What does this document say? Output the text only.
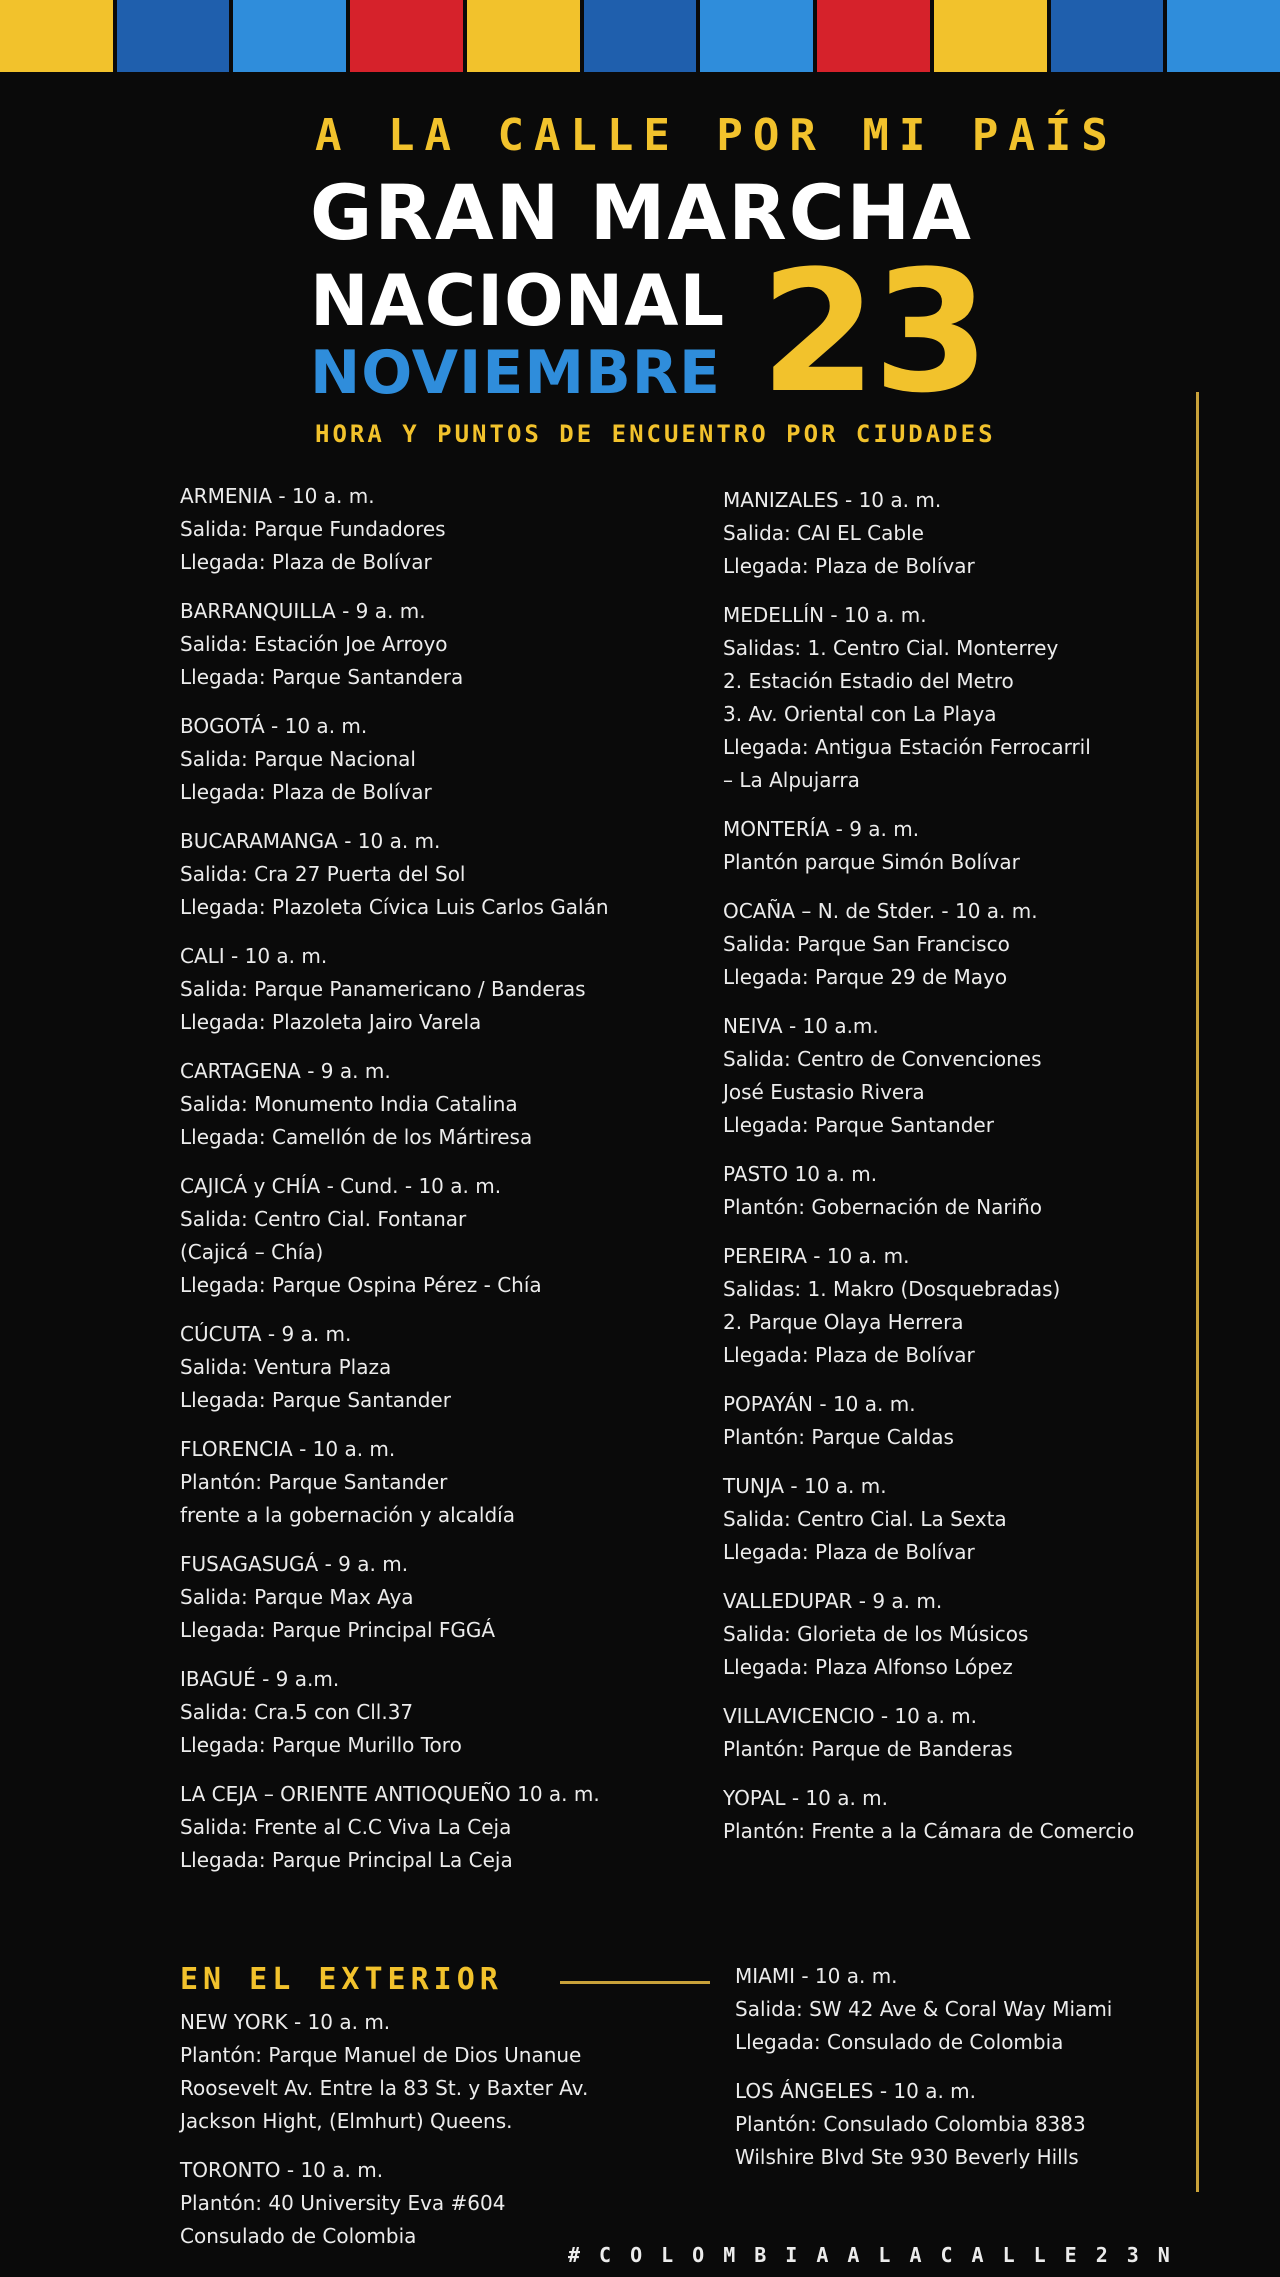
A LA CALLE POR MI PAÍS
GRAN MARCHA
NACIONAL
NOVIEMBRE 23
HORA Y PUNTOS DE ENCUENTRO POR CIUDADES
ARMENIA - 10 a. m.
Salida: Parque Fundadores
Llegada: Plaza de Bolívar
BARRANQUILLA - 9 a. m.
Salida: Estación Joe Arroyo
Llegada: Parque Santandera
BOGOTÁ - 10 a. m.
Salida: Parque Nacional
Llegada: Plaza de Bolívar
BUCARAMANGA - 10 a. m.
Salida: Cra 27 Puerta del Sol
Llegada: Plazoleta Cívica Luis Carlos Galán
CALI - 10 a. m.
Salida: Parque Panamericano / Banderas
Llegada: Plazoleta Jairo Varela
CARTAGENA - 9 a. m.
Salida: Monumento India Catalina
Llegada: Camellón de los Mártiresa
CAJICÁ y CHÍA - Cund. - 10 a. m.
Salida: Centro Cial. Fontanar
(Cajicá – Chía)
Llegada: Parque Ospina Pérez - Chía
CÚCUTA - 9 a. m.
Salida: Ventura Plaza
Llegada: Parque Santander
FLORENCIA - 10 a. m.
Plantón: Parque Santander
frente a la gobernación y alcaldía
FUSAGASUGÁ - 9 a. m.
Salida: Parque Max Aya
Llegada: Parque Principal FGGÁ
IBAGUÉ - 9 a.m.
Salida: Cra.5 con Cll.37
Llegada: Parque Murillo Toro
LA CEJA – ORIENTE ANTIOQUEÑO 10 a. m.
Salida: Frente al C.C Viva La Ceja
Llegada: Parque Principal La Ceja
MANIZALES - 10 a. m.
Salida: CAI EL Cable
Llegada: Plaza de Bolívar
MEDELLÍN - 10 a. m.
Salidas: 1. Centro Cial. Monterrey
2. Estación Estadio del Metro
3. Av. Oriental con La Playa
Llegada: Antigua Estación Ferrocarril
– La Alpujarra
MONTERÍA - 9 a. m.
Plantón parque Simón Bolívar
OCAÑA – N. de Stder. - 10 a. m.
Salida: Parque San Francisco
Llegada: Parque 29 de Mayo
NEIVA - 10 a.m.
Salida: Centro de Convenciones
José Eustasio Rivera
Llegada: Parque Santander
PASTO 10 a. m.
Plantón: Gobernación de Nariño
PEREIRA - 10 a. m.
Salidas: 1. Makro (Dosquebradas)
2. Parque Olaya Herrera
Llegada: Plaza de Bolívar
POPAYÁN - 10 a. m.
Plantón: Parque Caldas
TUNJA - 10 a. m.
Salida: Centro Cial. La Sexta
Llegada: Plaza de Bolívar
VALLEDUPAR - 9 a. m.
Salida: Glorieta de los Músicos
Llegada: Plaza Alfonso López
VILLAVICENCIO - 10 a. m.
Plantón: Parque de Banderas
YOPAL - 10 a. m.
Plantón: Frente a la Cámara de Comercio
EN EL EXTERIOR
NEW YORK - 10 a. m.
Plantón: Parque Manuel de Dios Unanue
Roosevelt Av. Entre la 83 St. y Baxter Av.
Jackson Hight, (Elmhurt) Queens.
TORONTO - 10 a. m.
Plantón: 40 University Eva #604
Consulado de Colombia
MIAMI - 10 a. m.
Salida: SW 42 Ave & Coral Way Miami
Llegada: Consulado de Colombia
LOS ÁNGELES - 10 a. m.
Plantón: Consulado Colombia 8383
Wilshire Blvd Ste 930 Beverly Hills
#COLOMBIAALACALLE23N
